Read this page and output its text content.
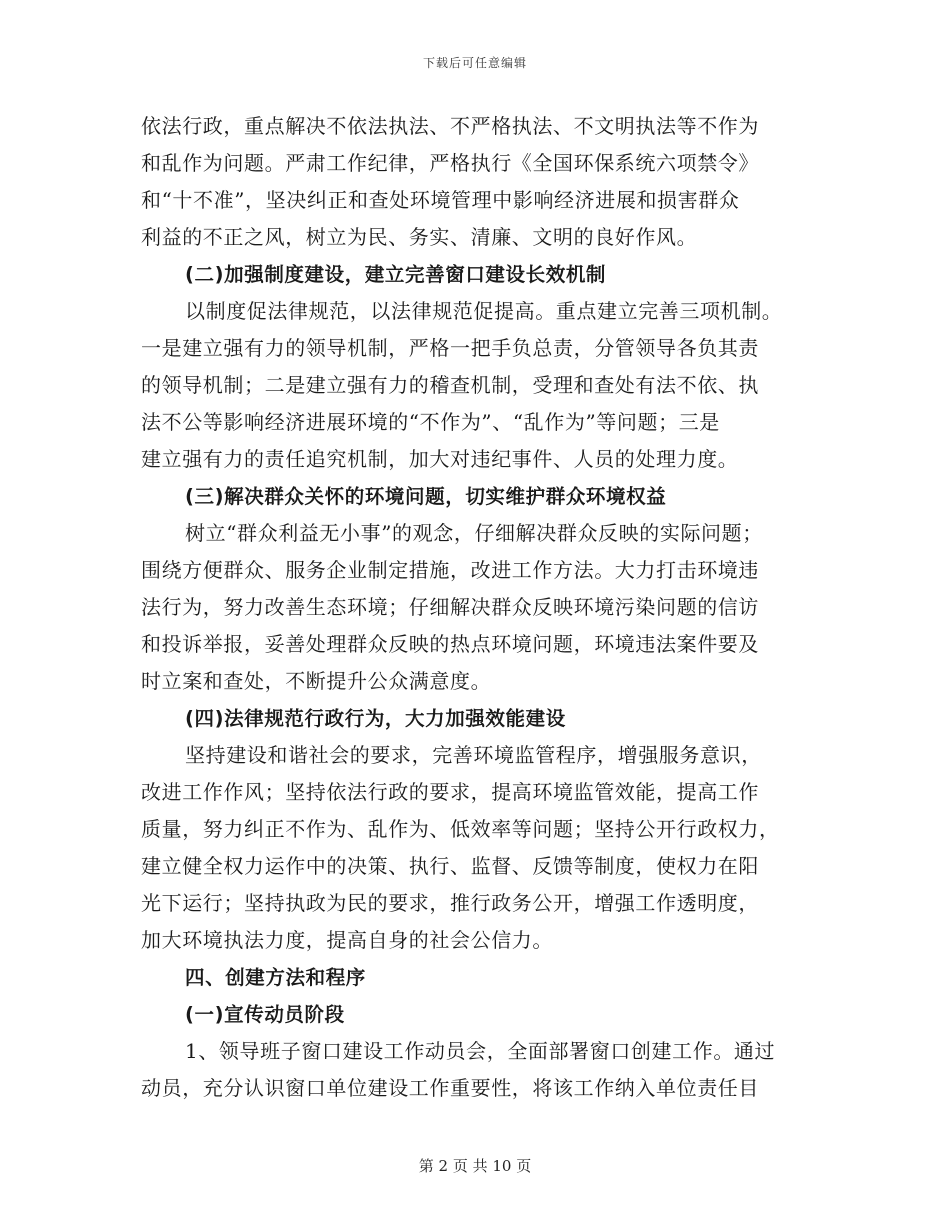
下载后可任意编辑
依法行政，重点解决不依法执法、不严格执法、不文明执法等不作为
和乱作为问题。严肃工作纪律，严格执行《全国环保系统六项禁令》
和“十不准”，坚决纠正和查处环境管理中影响经济进展和损害群众
利益的不正之风，树立为民、务实、清廉、文明的良好作风。
(二)加强制度建设，建立完善窗口建设长效机制
以制度促法律规范，以法律规范促提高。重点建立完善三项机制。
一是建立强有力的领导机制，严格一把手负总责，分管领导各负其责
的领导机制；二是建立强有力的稽查机制，受理和查处有法不依、执
法不公等影响经济进展环境的“不作为”、“乱作为”等问题；三是
建立强有力的责任追究机制，加大对违纪事件、人员的处理力度。
(三)解决群众关怀的环境问题，切实维护群众环境权益
树立“群众利益无小事”的观念，仔细解决群众反映的实际问题；
围绕方便群众、服务企业制定措施，改进工作方法。大力打击环境违
法行为，努力改善生态环境；仔细解决群众反映环境污染问题的信访
和投诉举报，妥善处理群众反映的热点环境问题，环境违法案件要及
时立案和查处，不断提升公众满意度。
(四)法律规范行政行为，大力加强效能建设
坚持建设和谐社会的要求，完善环境监管程序，增强服务意识，
改进工作作风；坚持依法行政的要求，提高环境监管效能，提高工作
质量，努力纠正不作为、乱作为、低效率等问题；坚持公开行政权力，
建立健全权力运作中的决策、执行、监督、反馈等制度，使权力在阳
光下运行；坚持执政为民的要求，推行政务公开，增强工作透明度，
加大环境执法力度，提高自身的社会公信力。
四、创建方法和程序
(一)宣传动员阶段
1、领导班子窗口建设工作动员会，全面部署窗口创建工作。通过
动员，充分认识窗口单位建设工作重要性，将该工作纳入单位责任目
第 2 页 共 10 页
